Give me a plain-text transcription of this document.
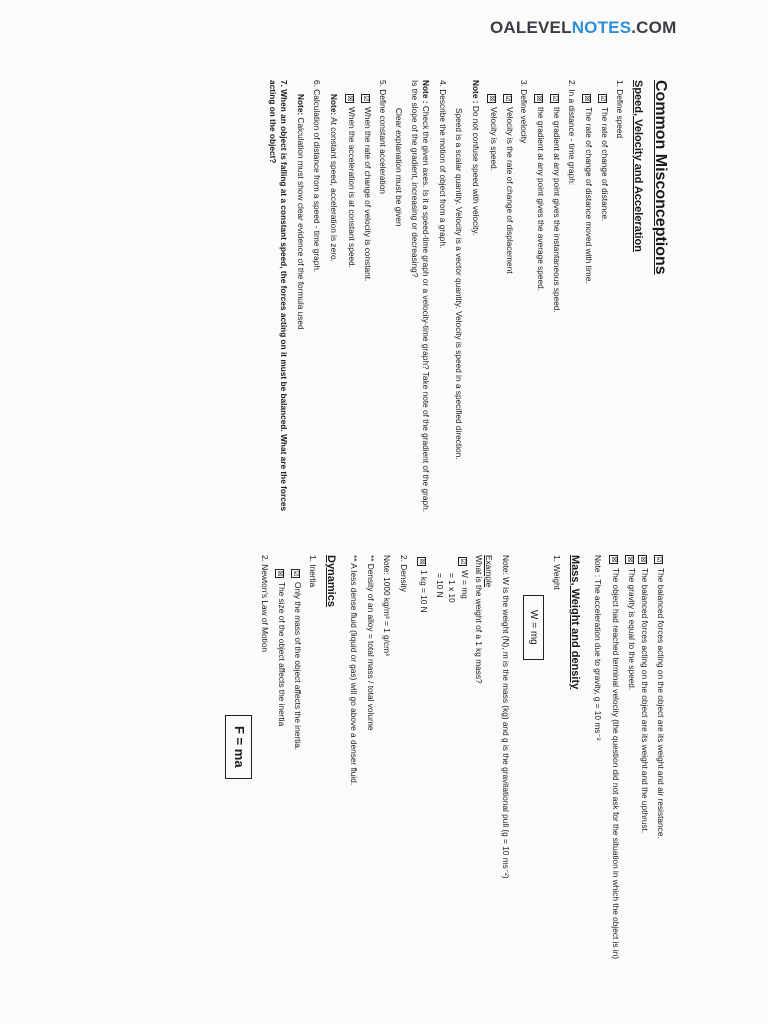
OALEVELNOTES.COM
Common Misconceptions
Speed, Velocity and Acceleration
1. Define speed
☑The rate of change of distance.
☒The rate of change of distance moved with time.
2. In a distance - time graph:
☑the gradient at any point gives the instantaneous speed.
☒the gradient at any point gives the average speed.
3. Define velocity
☑Velocity is the rate of change of displacement
☒Velocity is speed.
Note : Do not confuse speed with velocity.
Speed is a scalar quantity. Velocity is a vector quantity. Velocity is speed in a specified direction.
4. Describe the motion of object from a graph.
Note : Check the given axes. Is it a speed-time graph or a velocity-time graph? Take note of the gradient of the graph. Is the slope of the gradient, increasing or decreasing?
Clear explanation must be given
5. Define constant acceleration
☑When the rate of change of velocity is constant.
☒When the acceleration is at constant speed.
Note: At constant speed, acceleration is zero.
6. Calculation of distance from a speed - time graph.
Note: Calculation must show clear evidence of the formula used
7. When an object is falling at a constant speed, the forces acting on it must be balanced. What are the forces acting on the object?
☑The balanced forces acting on the object are its weight and air resistance.
☒The balanced forces acting on the object are its weight and the upthrust.
☒The gravity is equal to the speed.
☒The object had reached terminal velocity (the question did not ask for the situation in which the object is in)
Note : The acceleration due to gravity, g = 10 ms⁻²
Mass, Weight and density
1. Weight
W = mg
Note: W is the weight (N), m is the mass (kg) and g is the gravitational pull (g = 10 ms⁻²)
Example
What is the weight of a 1 kg mass?
☑W = mg
= 1 x 10
= 10 N
☒1 kg = 10 N
2. Density
Note: 1000 kg/m³ = 1 g/cm³
** Density of an alloy = total mass / total volume
** A less dense fluid (liquid or gas) will go above a denser fluid.
Dynamics
1. Inertia
☑Only the mass of the object affects the inertia.
☒The size of the object affects the inertia
2. Newton's Law of Motion
F = ma
